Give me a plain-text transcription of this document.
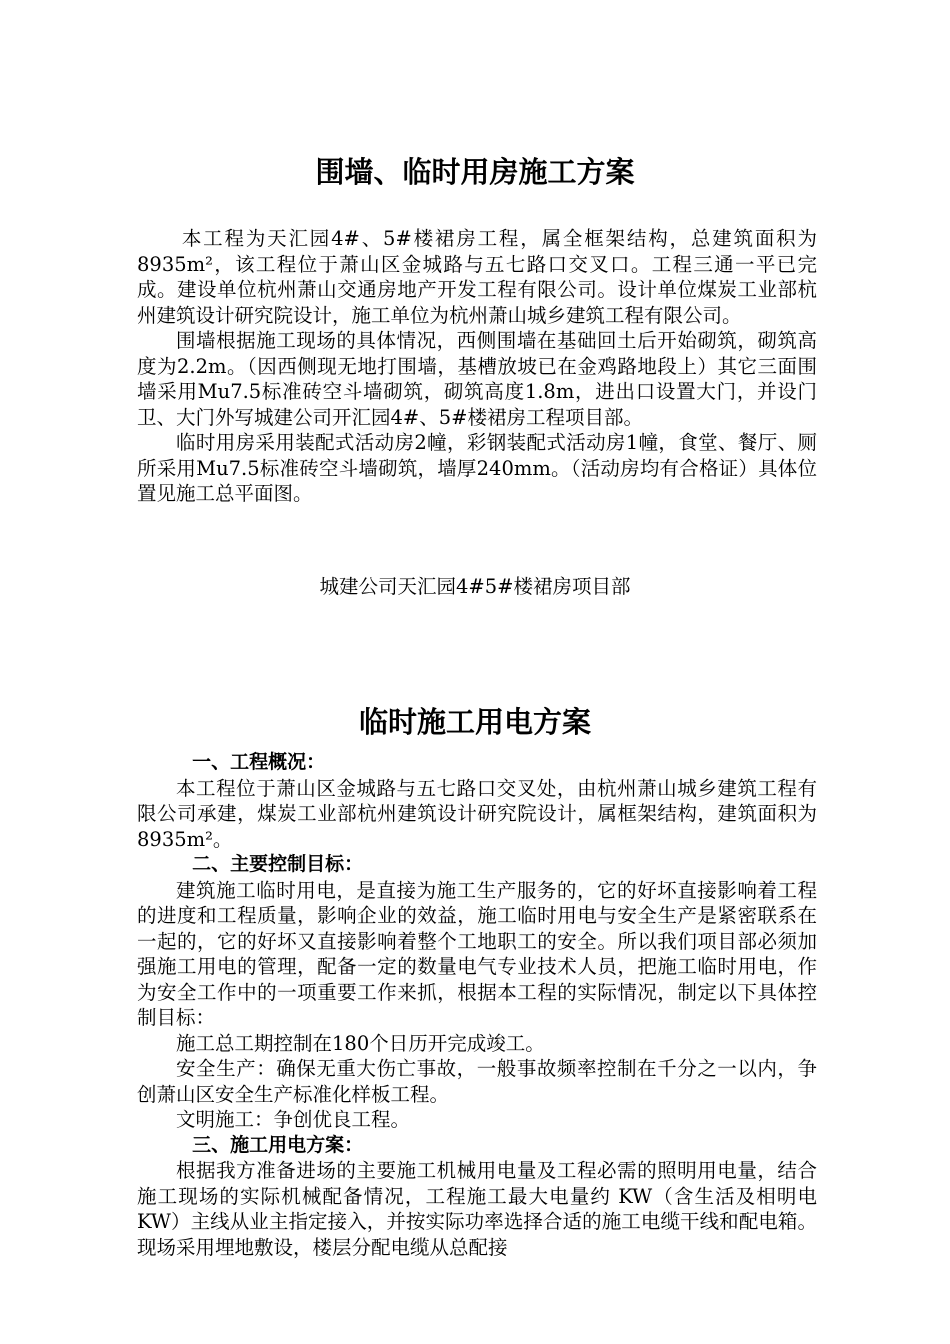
围墙、临时用房施工方案

本工程为天汇园4#、5#楼裙房工程，属全框架结构，总建筑面积为8935m²，该工程位于萧山区金城路与五七路口交叉口。工程三通一平已完成。建设单位杭州萧山交通房地产开发工程有限公司。设计单位煤炭工业部杭州建筑设计研究院设计，施工单位为杭州萧山城乡建筑工程有限公司。

围墙根据施工现场的具体情况，西侧围墙在基础回土后开始砌筑，砌筑高度为2.2m。（因西侧现无地打围墙，基槽放坡已在金鸡路地段上）其它三面围墙采用Mu7.5标准砖空斗墙砌筑，砌筑高度1.8m，进出口设置大门，并设门卫、大门外写城建公司开汇园4#、5#楼裙房工程项目部。

临时用房采用装配式活动房2幢，彩钢装配式活动房1幢，食堂、餐厅、厕所采用Mu7.5标准砖空斗墙砌筑，墙厚240mm。（活动房均有合格证）具体位置见施工总平面图。

城建公司天汇园4#5#楼裙房项目部

临时施工用电方案

一、工程概况：

本工程位于萧山区金城路与五七路口交叉处，由杭州萧山城乡建筑工程有限公司承建，煤炭工业部杭州建筑设计研究院设计，属框架结构，建筑面积为8935m²。

二、主要控制目标：

建筑施工临时用电，是直接为施工生产服务的，它的好坏直接影响着工程的进度和工程质量，影响企业的效益，施工临时用电与安全生产是紧密联系在一起的，它的好坏又直接影响着整个工地职工的安全。所以我们项目部必须加强施工用电的管理，配备一定的数量电气专业技术人员，把施工临时用电，作为安全工作中的一项重要工作来抓，根据本工程的实际情况，制定以下具体控制目标：

施工总工期控制在180个日历开完成竣工。

安全生产：确保无重大伤亡事故，一般事故频率控制在千分之一以内，争创萧山区安全生产标准化样板工程。

文明施工：争创优良工程。

三、施工用电方案：

根据我方准备进场的主要施工机械用电量及工程必需的照明用电量，结合施工现场的实际机械配备情况，工程施工最大电量约 KW（含生活及相明电 KW）主线从业主指定接入，并按实际功率选择合适的施工电缆干线和配电箱。现场采用埋地敷设，楼层分配电缆从总配接
